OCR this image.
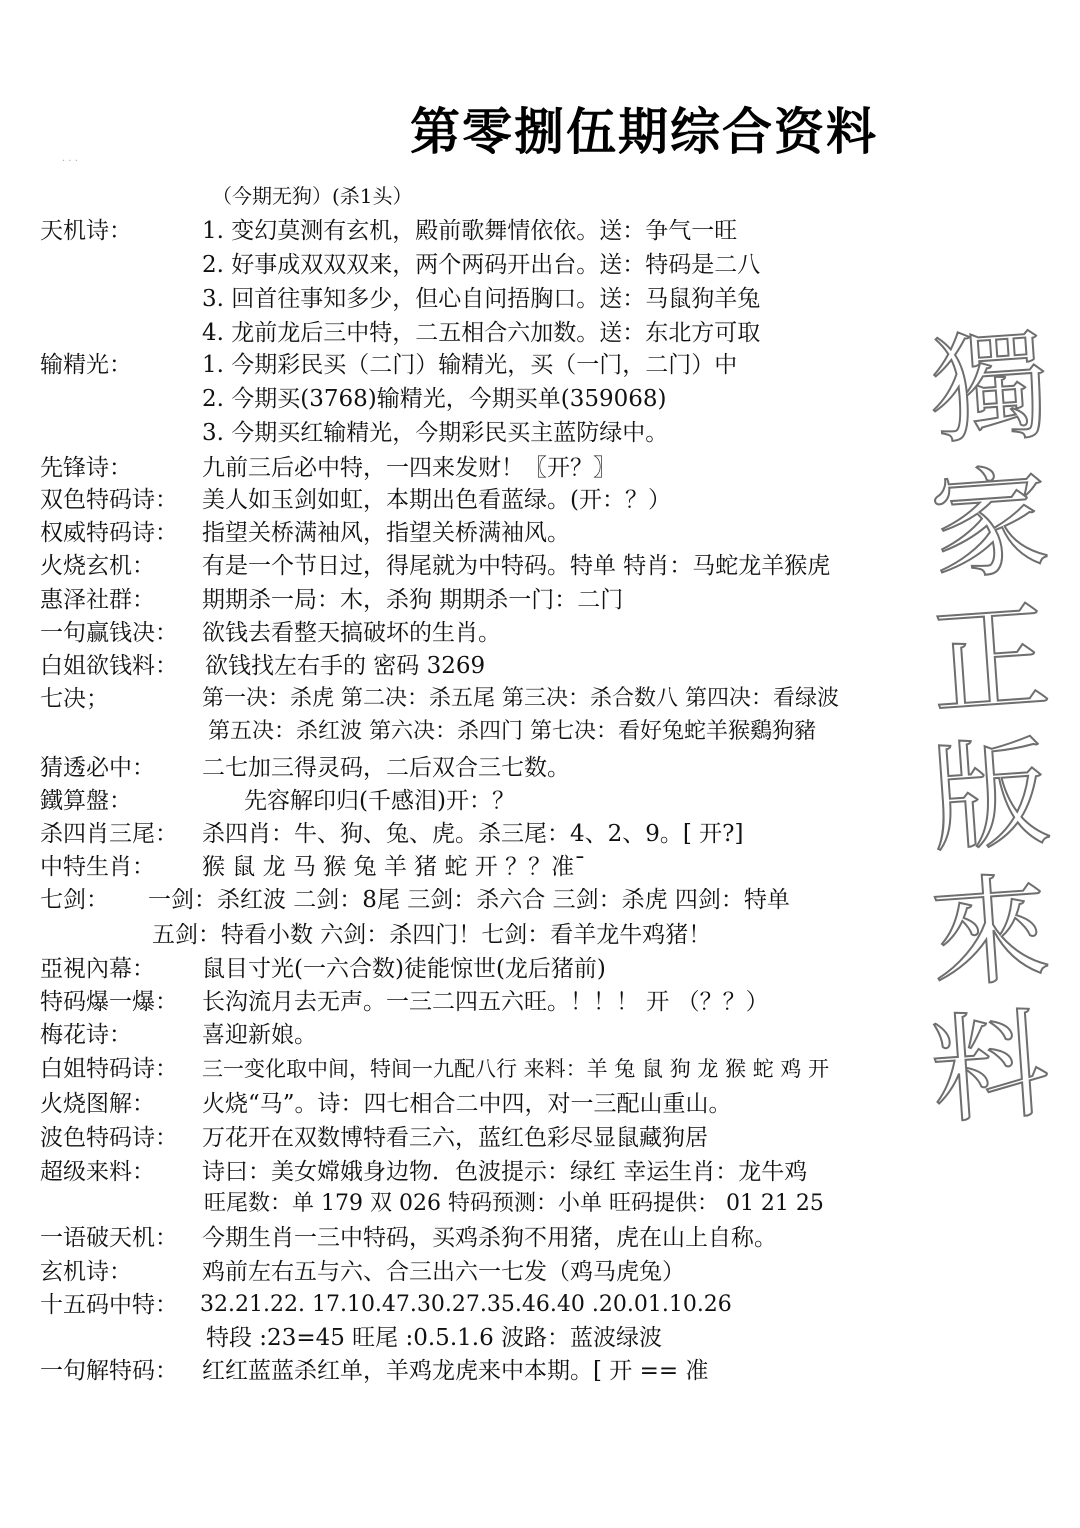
第零捌伍期综合资料
· · ·
（今期无狗）(杀1头）
天机诗：	1. 变幻莫测有玄机，殿前歌舞情依依。送：争气一旺
2. 好事成双双双来，两个两码开出台。送：特码是二八
3. 回首往事知多少，但心自问捂胸口。送：马鼠狗羊兔
4. 龙前龙后三中特，二五相合六加数。送：东北方可取
输精光：	1. 今期彩民买（二门）输精光，买（一门，二门）中
2. 今期买(3768)输精光，今期买单(359068)
3. 今期买红输精光，今期彩民买主蓝防绿中。
先锋诗：	九前三后必中特，一四来发财！〖开？〗
双色特码诗： 美人如玉剑如虹，本期出色看蓝绿。(开：？）
权威特码诗： 指望关桥满袖风，指望关桥满袖风。
火烧玄机： 有是一个节日过，得尾就为中特码。特单 特肖：马蛇龙羊猴虎
惠泽社群： 期期杀一局：木，杀狗 期期杀一门：二门
一句赢钱决： 欲钱去看整天搞破坏的生肖。
白姐欲钱料： 欲钱找左右手的 密码 3269
七决；	第一决：杀虎 第二决：杀五尾 第三决：杀合数八 第四决：看绿波
第五决：杀红波 第六决：杀四门 第七决：看好兔蛇羊猴鷄狗豬
猜透必中： 二七加三得灵码，二后双合三七数。
鐵算盤：	先容解印归(千感泪)开：？
杀四肖三尾： 杀四肖：牛、狗、兔、虎。杀三尾：4、2、9。[ 开?]
中特生肖： 猴 鼠 龙 马 猴 兔 羊 猪 蛇 开 ？？准¯
七剑： 一剑：杀红波 二剑：8尾 三剑：杀六合 三剑：杀虎 四剑：特单
五剑：特看小数 六剑：杀四门！七剑：看羊龙牛鸡猪！
亞視內幕： 鼠目寸光(一六合数)徒能惊世(龙后猪前)
特码爆一爆： 长沟流月去无声。一三二四五六旺。！！！ 开 （？？）
梅花诗：	喜迎新娘。
白姐特码诗： 三一变化取中间，特间一九配八行 来料：羊 兔 鼠 狗 龙 猴 蛇 鸡 开
火烧图解： 火烧“马”。诗：四七相合二中四，对一三配山重山。
波色特码诗： 万花开在双数博特看三六，蓝红色彩尽显鼠藏狗居
超级来料： 诗曰：美女嫦娥身边物．色波提示：绿红 幸运生肖：龙牛鸡
旺尾数：单 179 双 026 特码预测：小单 旺码提供： 01 21 25
一语破天机： 今期生肖一三中特码，买鸡杀狗不用猪，虎在山上自称。
玄机诗：	鸡前左右五与六、合三出六一七发（鸡马虎兔）
十五码中特： 32.21.22. 17.10.47.30.27.35.46.40 .20.01.10.26
特段 :23=45 旺尾 :0.5.1.6 波路：蓝波绿波
一句解特码： 红红蓝蓝杀红单，羊鸡龙虎来中本期。[ 开 == 准
獨
家
正
版
來
料
